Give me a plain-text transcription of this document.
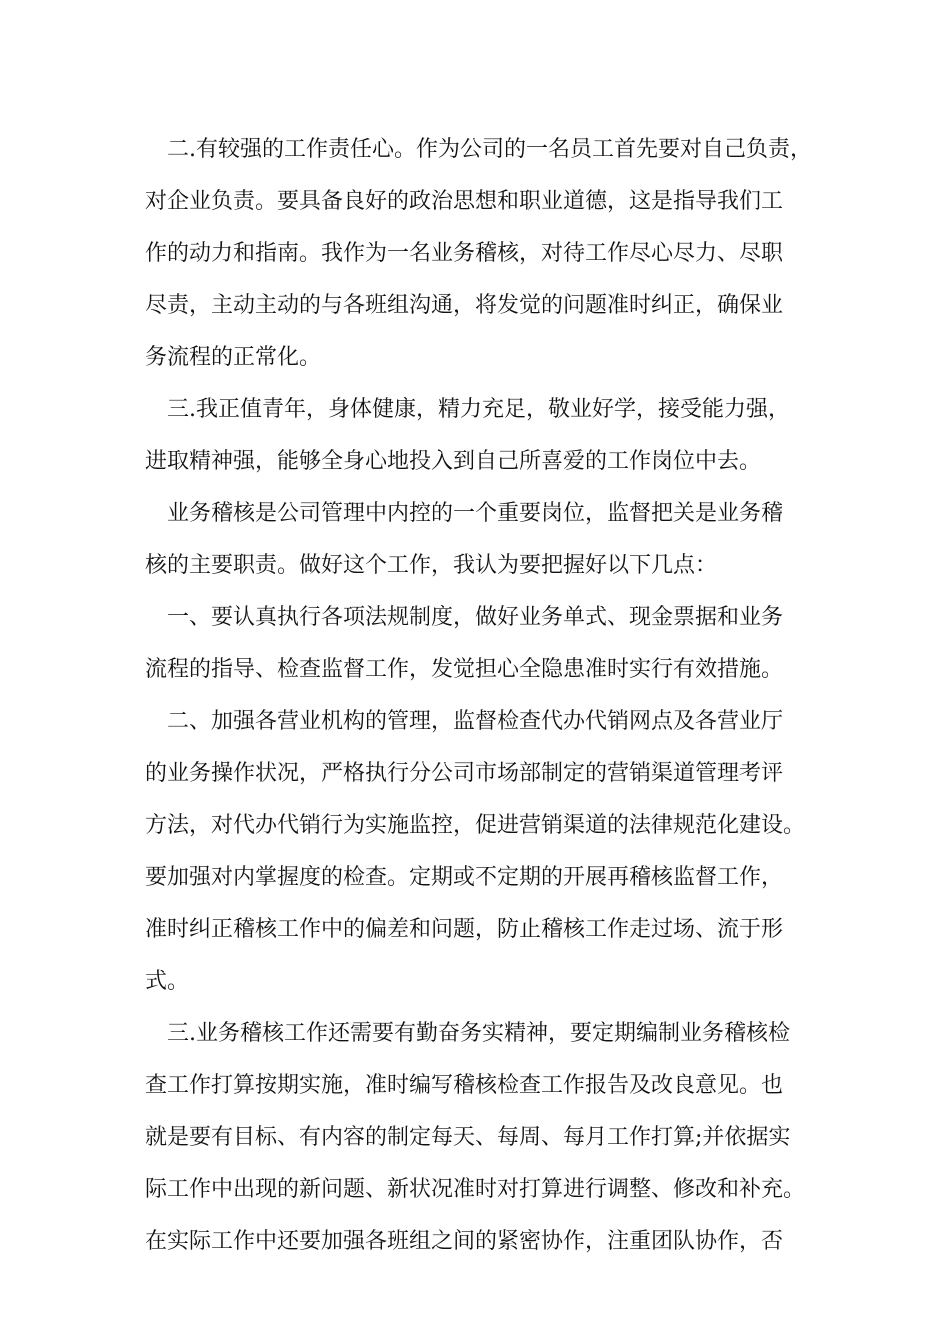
二.有较强的工作责任心。作为公司的一名员工首先要对自己负责，
对企业负责。要具备良好的政治思想和职业道德，这是指导我们工
作的动力和指南。我作为一名业务稽核，对待工作尽心尽力、尽职
尽责，主动主动的与各班组沟通，将发觉的问题准时纠正，确保业
务流程的正常化。
三.我正值青年，身体健康，精力充足，敬业好学，接受能力强，
进取精神强，能够全身心地投入到自己所喜爱的工作岗位中去。
业务稽核是公司管理中内控的一个重要岗位，监督把关是业务稽
核的主要职责。做好这个工作，我认为要把握好以下几点：
一、要认真执行各项法规制度，做好业务单式、现金票据和业务
流程的指导、检查监督工作，发觉担心全隐患准时实行有效措施。
二、加强各营业机构的管理，监督检查代办代销网点及各营业厅
的业务操作状况，严格执行分公司市场部制定的营销渠道管理考评
方法，对代办代销行为实施监控，促进营销渠道的法律规范化建设。
要加强对内掌握度的检查。定期或不定期的开展再稽核监督工作，
准时纠正稽核工作中的偏差和问题，防止稽核工作走过场、流于形
式。
三.业务稽核工作还需要有勤奋务实精神，要定期编制业务稽核检
查工作打算按期实施，准时编写稽核检查工作报告及改良意见。也
就是要有目标、有内容的制定每天、每周、每月工作打算;并依据实
际工作中出现的新问题、新状况准时对打算进行调整、修改和补充。
在实际工作中还要加强各班组之间的紧密协作，注重团队协作，否
